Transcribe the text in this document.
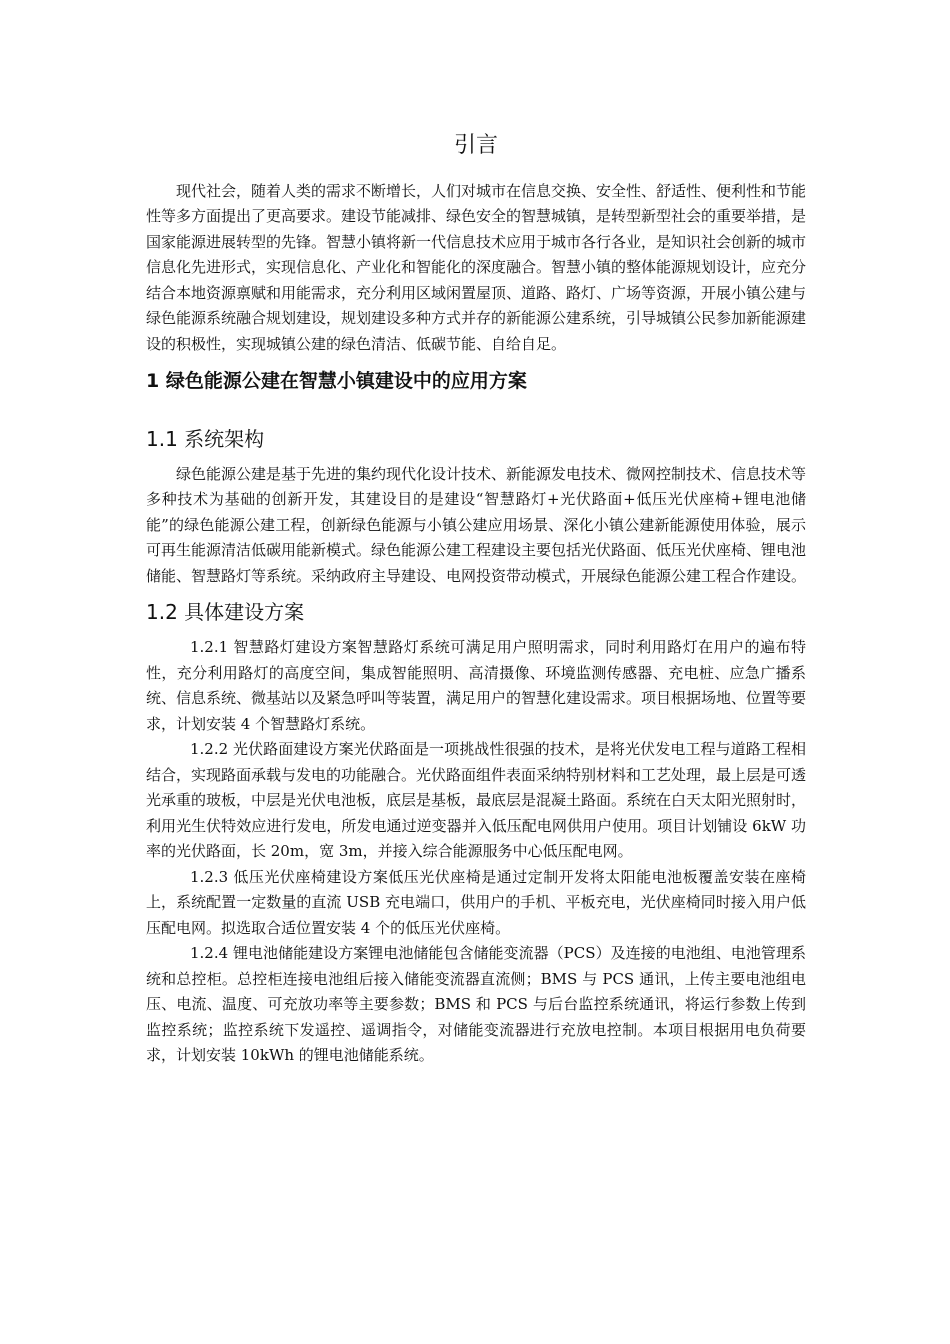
引言

现代社会，随着人类的需求不断增长，人们对城市在信息交换、安全性、舒适性、便利性和节能性等多方面提出了更高要求。建设节能减排、绿色安全的智慧城镇，是转型新型社会的重要举措，是国家能源进展转型的先锋。智慧小镇将新一代信息技术应用于城市各行各业，是知识社会创新的城市信息化先进形式，实现信息化、产业化和智能化的深度融合。智慧小镇的整体能源规划设计，应充分结合本地资源禀赋和用能需求，充分利用区域闲置屋顶、道路、路灯、广场等资源，开展小镇公建与绿色能源系统融合规划建设，规划建设多种方式并存的新能源公建系统，引导城镇公民参加新能源建设的积极性，实现城镇公建的绿色清洁、低碳节能、自给自足。

1 绿色能源公建在智慧小镇建设中的应用方案
1.1 系统架构

绿色能源公建是基于先进的集约现代化设计技术、新能源发电技术、微网控制技术、信息技术等多种技术为基础的创新开发，其建设目的是建设“智慧路灯+光伏路面+低压光伏座椅+锂电池储能”的绿色能源公建工程，创新绿色能源与小镇公建应用场景、深化小镇公建新能源使用体验，展示可再生能源清洁低碳用能新模式。绿色能源公建工程建设主要包括光伏路面、低压光伏座椅、锂电池储能、智慧路灯等系统。采纳政府主导建设、电网投资带动模式，开展绿色能源公建工程合作建设。

1.2 具体建设方案

1.2.1 智慧路灯建设方案智慧路灯系统可满足用户照明需求，同时利用路灯在用户的遍布特性，充分利用路灯的高度空间，集成智能照明、高清摄像、环境监测传感器、充电桩、应急广播系统、信息系统、微基站以及紧急呼叫等装置，满足用户的智慧化建设需求。项目根据场地、位置等要求，计划安装 4 个智慧路灯系统。

1.2.2 光伏路面建设方案光伏路面是一项挑战性很强的技术，是将光伏发电工程与道路工程相结合，实现路面承载与发电的功能融合。光伏路面组件表面采纳特别材料和工艺处理，最上层是可透光承重的玻板，中层是光伏电池板，底层是基板，最底层是混凝土路面。系统在白天太阳光照射时，利用光生伏特效应进行发电，所发电通过逆变器并入低压配电网供用户使用。项目计划铺设 6kW 功率的光伏路面，长 20m，宽 3m，并接入综合能源服务中心低压配电网。

1.2.3 低压光伏座椅建设方案低压光伏座椅是通过定制开发将太阳能电池板覆盖安装在座椅上，系统配置一定数量的直流 USB 充电端口，供用户的手机、平板充电，光伏座椅同时接入用户低压配电网。拟选取合适位置安装 4 个的低压光伏座椅。

1.2.4 锂电池储能建设方案锂电池储能包含储能变流器（PCS）及连接的电池组、电池管理系统和总控柜。总控柜连接电池组后接入储能变流器直流侧；BMS 与 PCS 通讯，上传主要电池组电压、电流、温度、可充放功率等主要参数；BMS 和 PCS 与后台监控系统通讯，将运行参数上传到监控系统；监控系统下发遥控、遥调指令，对储能变流器进行充放电控制。本项目根据用电负荷要求，计划安装 10kWh 的锂电池储能系统。
